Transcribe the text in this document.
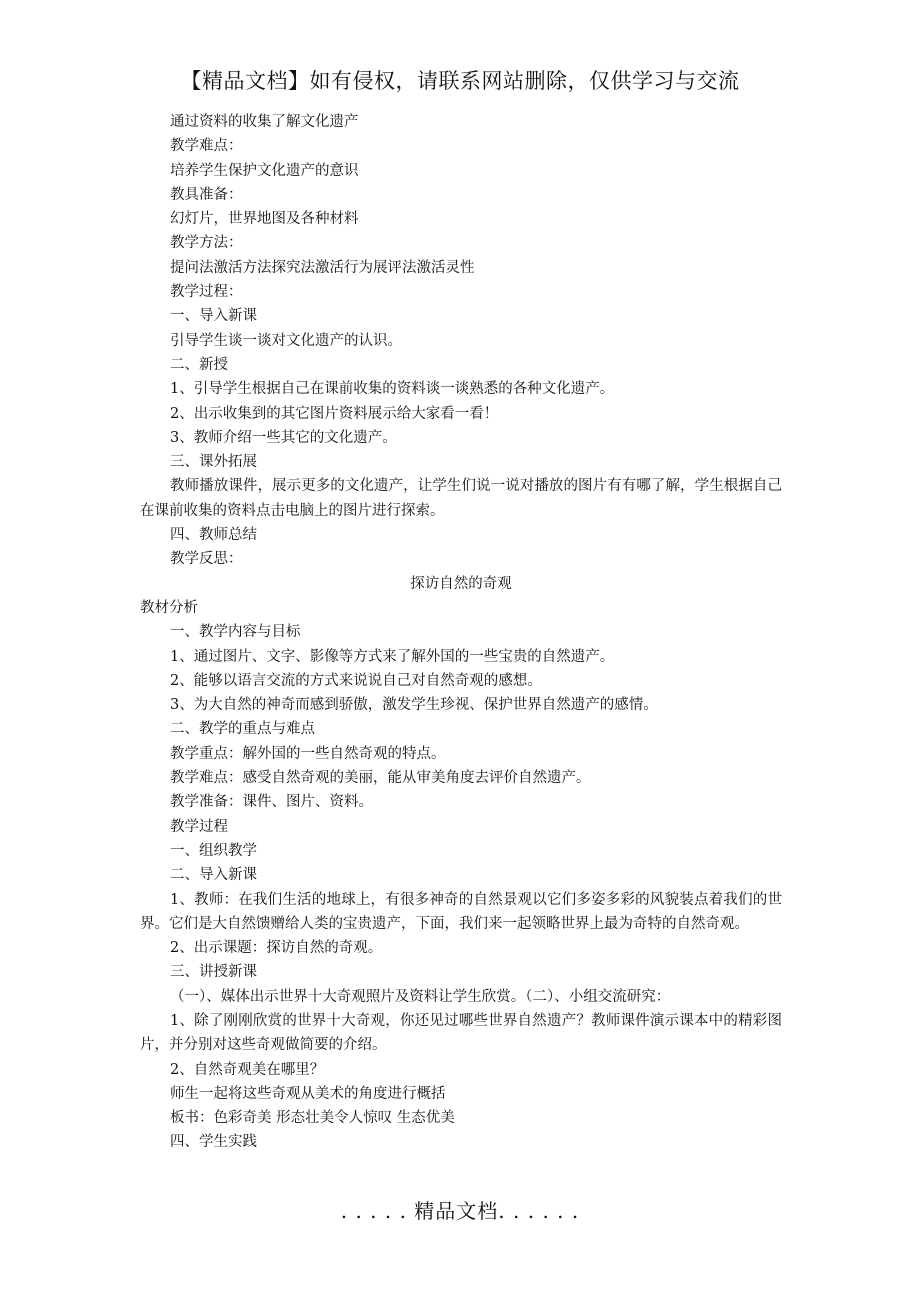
【精品文档】如有侵权，请联系网站删除，仅供学习与交流
通过资料的收集了解文化遗产
教学难点：
培养学生保护文化遗产的意识
教具准备：
幻灯片，世界地图及各种材料
教学方法：
提问法激活方法探究法激活行为展评法激活灵性
教学过程：
一、导入新课
引导学生谈一谈对文化遗产的认识。
二、新授
1、引导学生根据自己在课前收集的资料谈一谈熟悉的各种文化遗产。
2、出示收集到的其它图片资料展示给大家看一看！
3、教师介绍一些其它的文化遗产。
三、课外拓展
教师播放课件，展示更多的文化遗产，让学生们说一说对播放的图片有有哪了解，学生根据自己在课前收集的资料点击电脑上的图片进行探索。
四、教师总结
教学反思：
探访自然的奇观
教材分析
一、教学内容与目标
1、通过图片、文字、影像等方式来了解外国的一些宝贵的自然遗产。
2、能够以语言交流的方式来说说自己对自然奇观的感想。
3、为大自然的神奇而感到骄傲，激发学生珍视、保护世界自然遗产的感情。
二、教学的重点与难点
教学重点：解外国的一些自然奇观的特点。
教学难点：感受自然奇观的美丽，能从审美角度去评价自然遗产。
教学准备：课件、图片、资料。
教学过程
一、组织教学
二、导入新课
1、教师：在我们生活的地球上，有很多神奇的自然景观以它们多姿多彩的风貌装点着我们的世界。它们是大自然馈赠给人类的宝贵遗产，下面，我们来一起领略世界上最为奇特的自然奇观。
2、出示课题：探访自然的奇观。
三、讲授新课
（一）、媒体出示世界十大奇观照片及资料让学生欣赏。（二）、小组交流研究：
1、除了刚刚欣赏的世界十大奇观，你还见过哪些世界自然遗产？教师课件演示课本中的精彩图片，并分别对这些奇观做简要的介绍。
2、自然奇观美在哪里？
师生一起将这些奇观从美术的角度进行概括
板书：色彩奇美 形态壮美令人惊叹 生态优美
四、学生实践
. . . . . 精品文档. . . . . .
